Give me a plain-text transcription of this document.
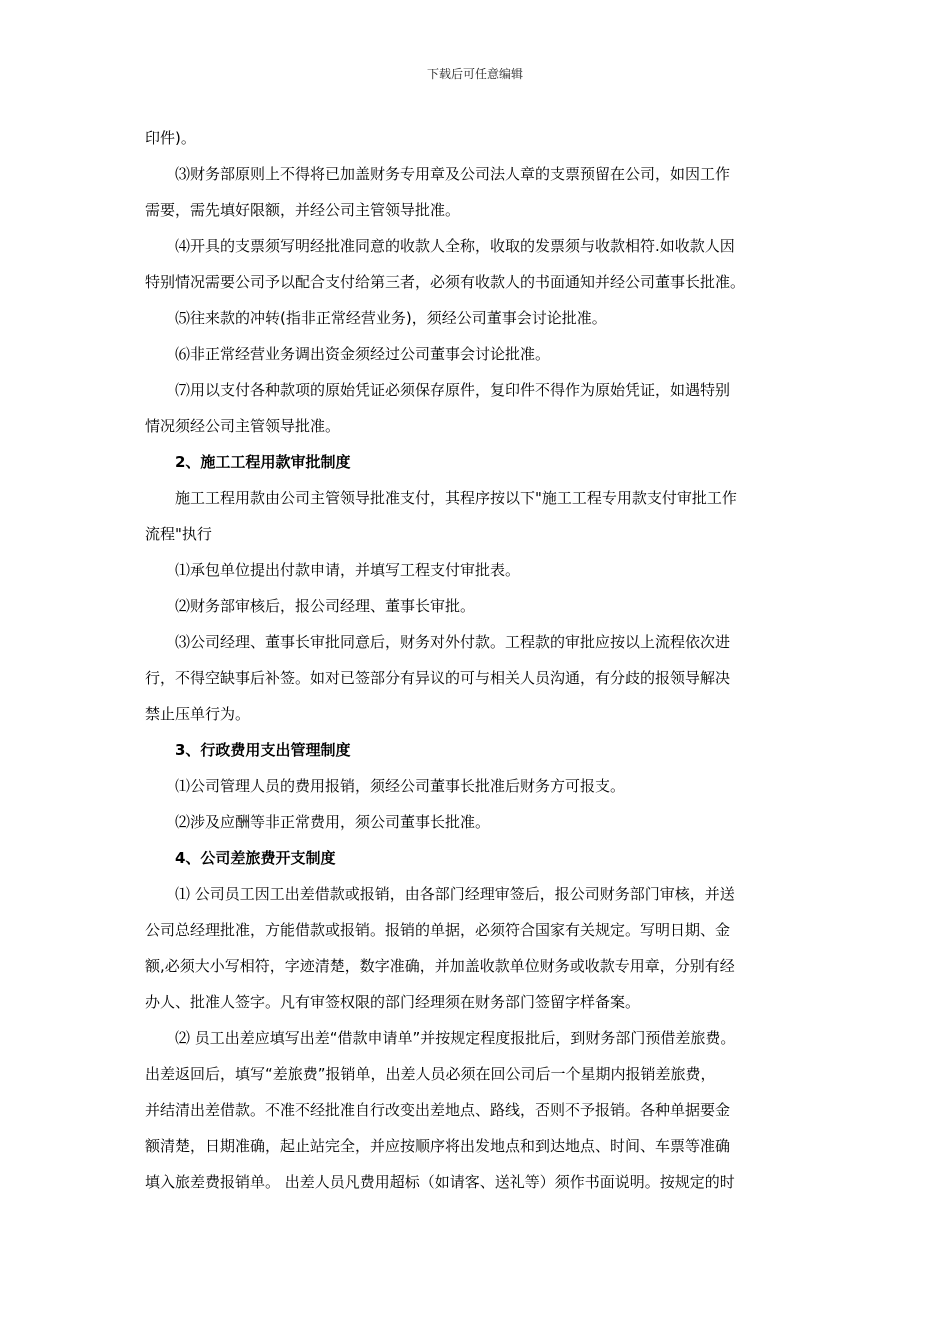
下载后可任意编辑

印件)。

⑶财务部原则上不得将已加盖财务专用章及公司法人章的支票预留在公司，如因工作

需要，需先填好限额，并经公司主管领导批准。

⑷开具的支票须写明经批准同意的收款人全称，收取的发票须与收款相符.如收款人因

特别情况需要公司予以配合支付给第三者，必须有收款人的书面通知并经公司董事长批准。

⑸往来款的冲转(指非正常经营业务)，须经公司董事会讨论批准。

⑹非正常经营业务调出资金须经过公司董事会讨论批准。

⑺用以支付各种款项的原始凭证必须保存原件，复印件不得作为原始凭证，如遇特别

情况须经公司主管领导批准。

2、施工工程用款审批制度

施工工程用款由公司主管领导批准支付，其程序按以下"施工工程专用款支付审批工作

流程"执行

⑴承包单位提出付款申请，并填写工程支付审批表。

⑵财务部审核后，报公司经理、董事长审批。

⑶公司经理、董事长审批同意后，财务对外付款。工程款的审批应按以上流程依次进

行，不得空缺事后补签。如对已签部分有异议的可与相关人员沟通，有分歧的报领导解决

禁止压单行为。

3、行政费用支出管理制度

⑴公司管理人员的费用报销，须经公司董事长批准后财务方可报支。

⑵涉及应酬等非正常费用，须公司董事长批准。

4、公司差旅费开支制度

⑴ 公司员工因工出差借款或报销，由各部门经理审签后，报公司财务部门审核，并送

公司总经理批准，方能借款或报销。报销的单据，必须符合国家有关规定。写明日期、金

额,必须大小写相符，字迹清楚，数字准确，并加盖收款单位财务或收款专用章，分别有经

办人、批准人签字。凡有审签权限的部门经理须在财务部门签留字样备案。

⑵ 员工出差应填写出差“借款申请单”并按规定程度报批后，到财务部门预借差旅费。

出差返回后，填写“差旅费”报销单，出差人员必须在回公司后一个星期内报销差旅费，

并结清出差借款。不准不经批准自行改变出差地点、路线，否则不予报销。各种单据要金

额清楚，日期准确，起止站完全，并应按顺序将出发地点和到达地点、时间、车票等准确

填入旅差费报销单。 出差人员凡费用超标（如请客、送礼等）须作书面说明。按规定的时
